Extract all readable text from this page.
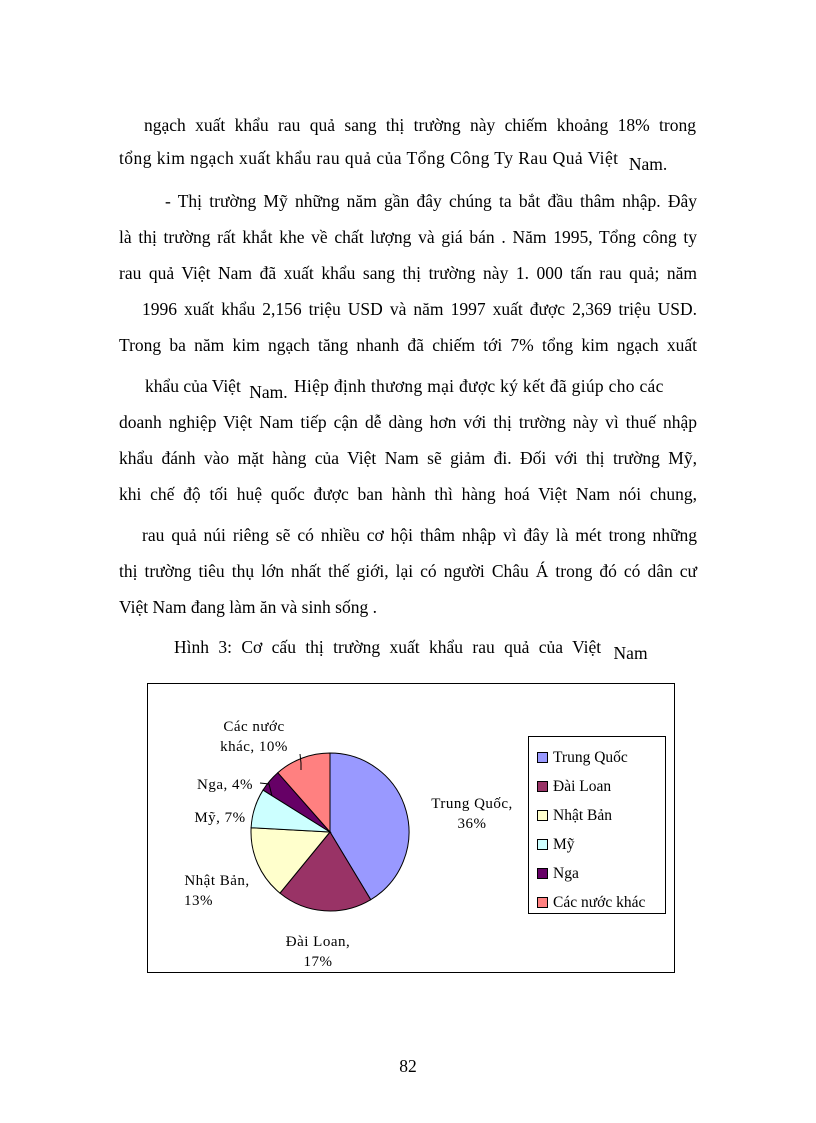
ngạch xuất khẩu rau quả sang thị trường này chiếm khoảng 18% trong
tổng kim ngạch xuất khẩu rau quả của Tổng Công Ty Rau Quả Việt Nam.
- Thị trường Mỹ những năm gần đây chúng ta bắt đầu thâm nhập. Đây
là thị trường rất khắt khe về chất lượng và giá bán . Năm 1995, Tổng công ty
rau quả Việt Nam đã xuất khẩu sang thị trường này 1. 000 tấn rau quả; năm
1996 xuất khẩu 2,156 triệu USD và năm 1997 xuất được 2,369 triệu USD.
Trong ba năm kim ngạch tăng nhanh đã chiếm tới 7% tổng kim ngạch xuất
khẩu của Việt Nam. Hiệp định thương mại được ký kết đã giúp cho các
doanh nghiệp Việt Nam tiếp cận dễ dàng hơn với thị trường này vì thuế nhập
khẩu đánh vào mặt hàng của Việt Nam sẽ giảm đi. Đối với thị trường Mỹ,
khi chế độ tối huệ quốc được ban hành thì hàng hoá Việt Nam nói chung,
rau quả núi riêng sẽ có nhiều cơ hội thâm nhập vì đây là mét trong những
thị trường tiêu thụ lớn nhất thế giới, lại có người Châu Á trong đó có dân cư
Việt Nam đang làm ăn và sinh sống .
Hình 3: Cơ cấu thị trường xuất khẩu rau quả của Việt Nam
Trung Quốc,
36%
Đài Loan,
17%
Nhật Bản,
13%
Mỹ, 7%
Nga, 4%
Các nước
khác, 10%
Trung Quốc
Đài Loan
Nhật Bản
Mỹ
Nga
Các nước khác
82
